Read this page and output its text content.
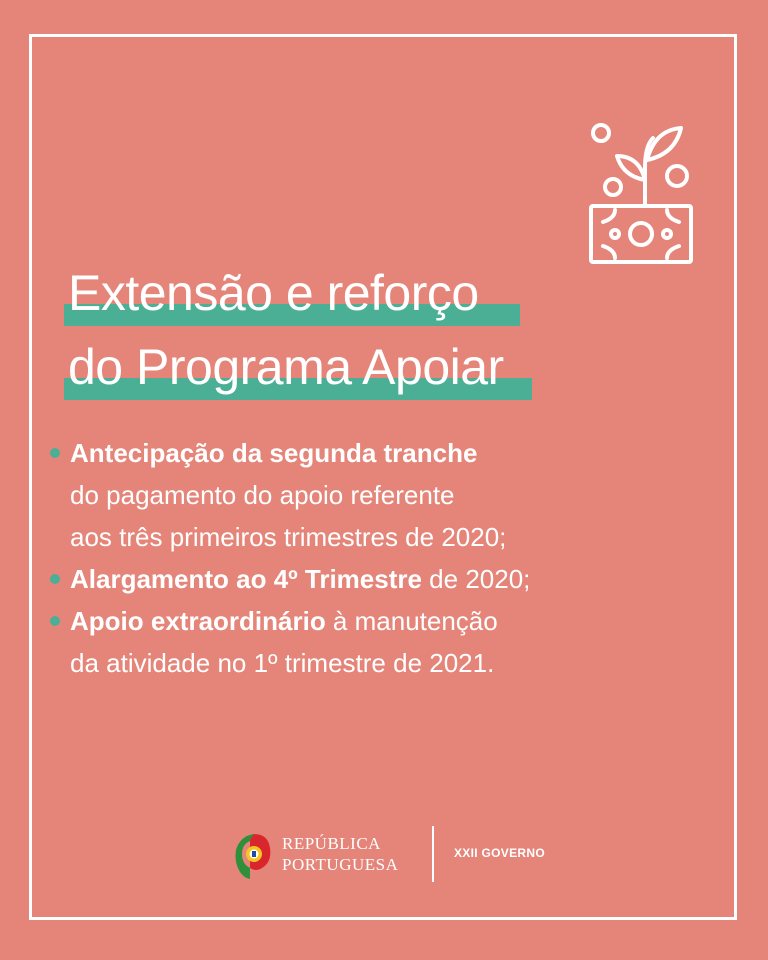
Extensão e reforço
do Programa Apoiar
Antecipação da segunda tranche
do pagamento do apoio referente
aos três primeiros trimestres de 2020;
Alargamento ao 4º Trimestre de 2020;
Apoio extraordinário à manutenção
da atividade no 1º trimestre de 2021.
REPÚBLICA
PORTUGUESA
XXII GOVERNO
